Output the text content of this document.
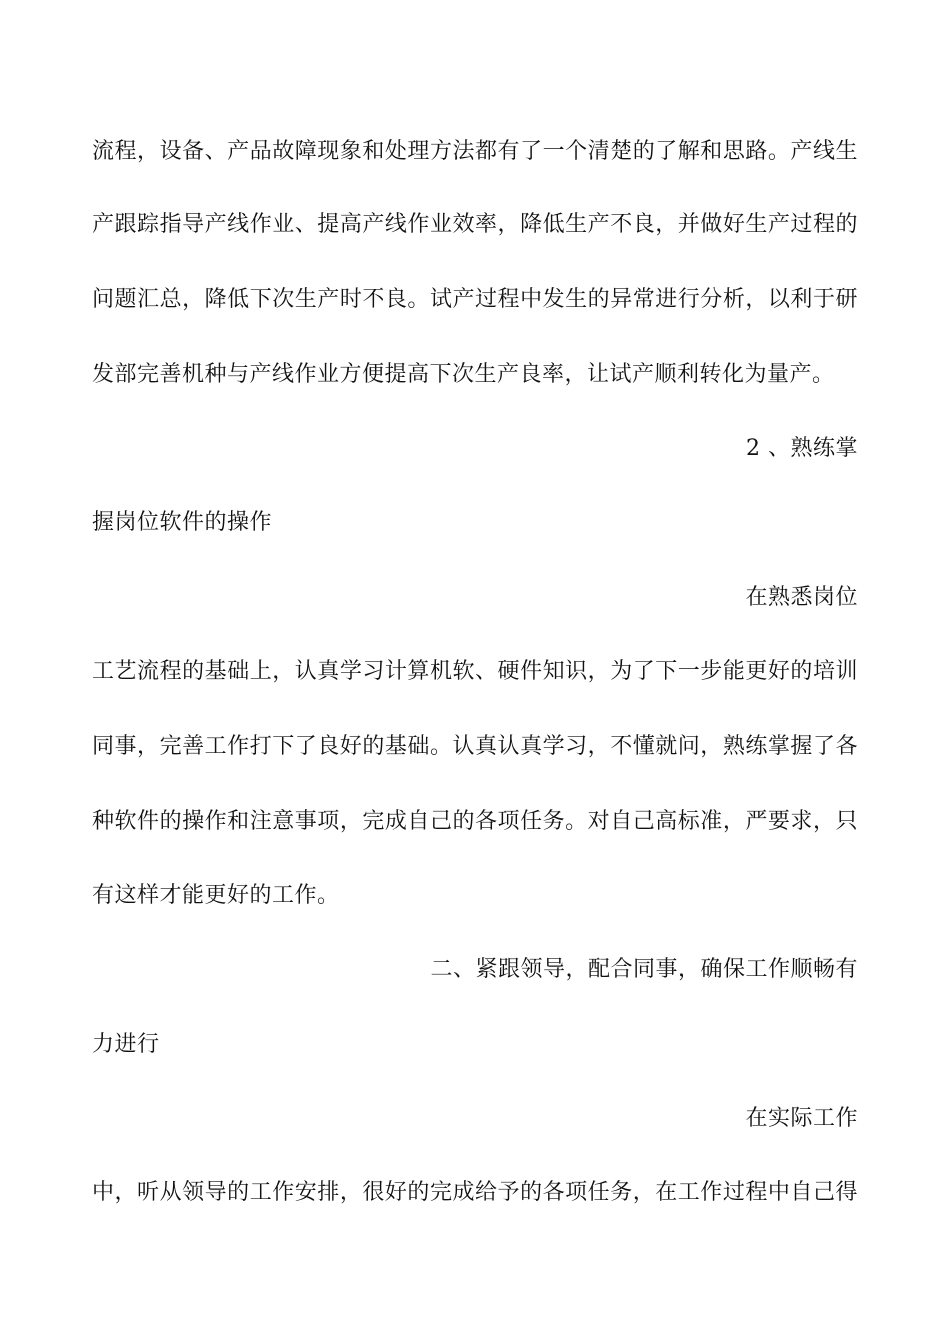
流程，设备、产品故障现象和处理方法都有了一个清楚的了解和思路。产线生
产跟踪指导产线作业、提高产线作业效率，降低生产不良，并做好生产过程的
问题汇总，降低下次生产时不良。试产过程中发生的异常进行分析，以利于研
发部完善机种与产线作业方便提高下次生产良率，让试产顺利转化为量产。
2 、熟练掌
握岗位软件的操作
在熟悉岗位
工艺流程的基础上，认真学习计算机软、硬件知识，为了下一步能更好的培训
同事，完善工作打下了良好的基础。认真认真学习，不懂就问，熟练掌握了各
种软件的操作和注意事项，完成自己的各项任务。对自己高标准，严要求，只
有这样才能更好的工作。
二、紧跟领导，配合同事，确保工作顺畅有
力进行
在实际工作
中，听从领导的工作安排，很好的完成给予的各项任务，在工作过程中自己得
